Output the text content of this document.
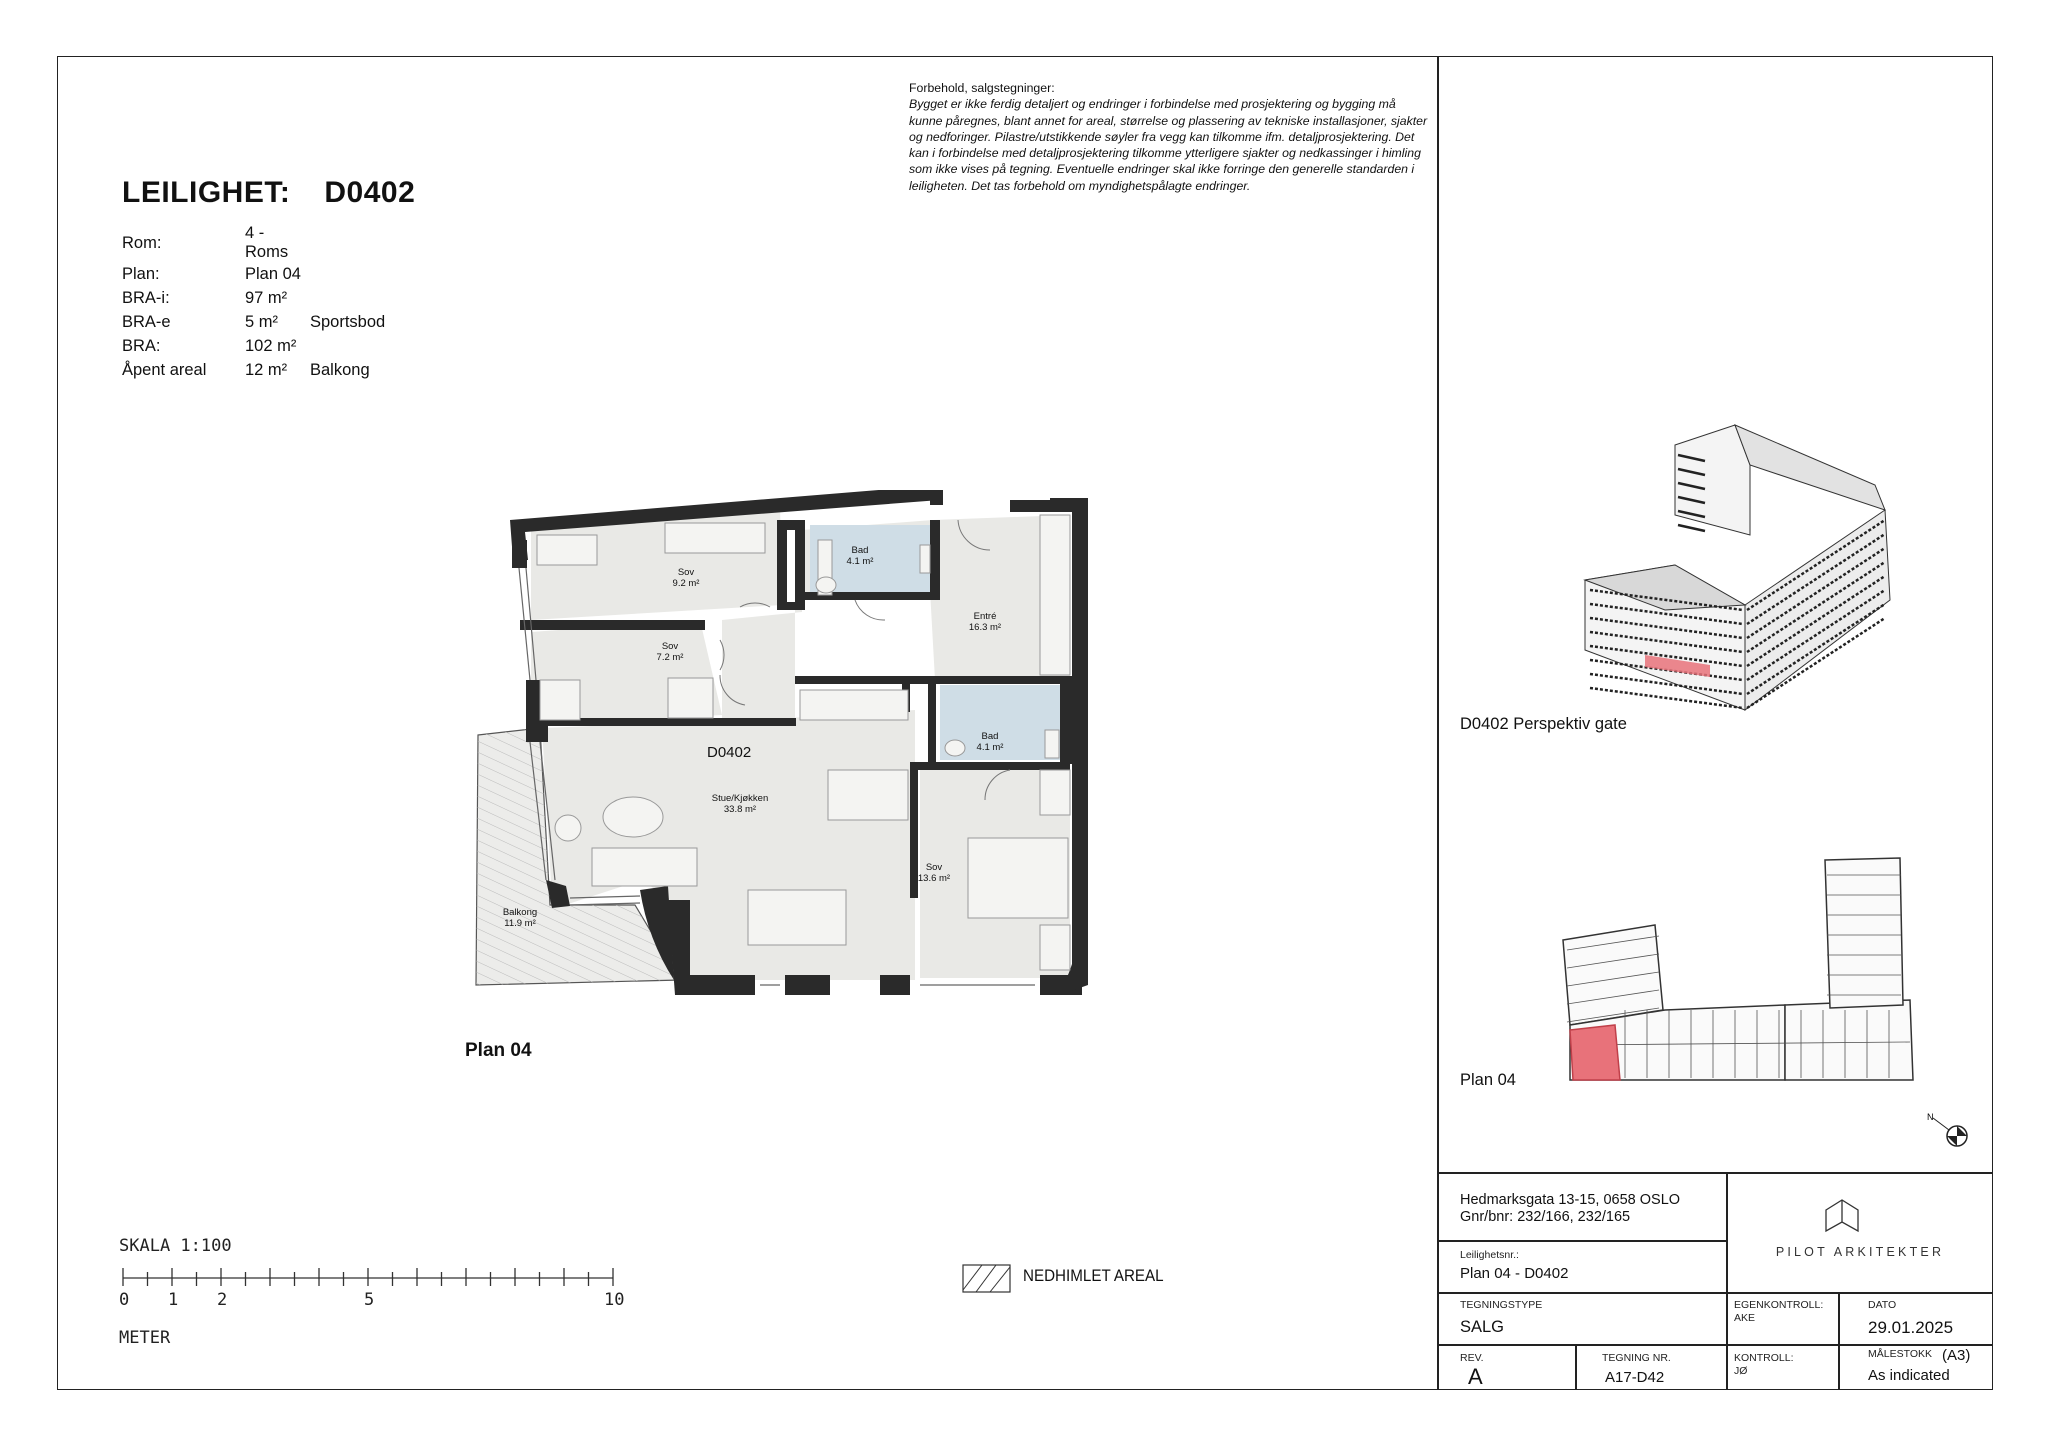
LEILIGHET: D0402
Rom:	4 - Roms	
Plan:	Plan 04	
BRA-i:	97 m²	
BRA-e	5 m²	Sportsbod
BRA:	102 m²	
Åpent areal	12 m²	Balkong
Forbehold, salgstegninger:
Bygget er ikke ferdig detaljert og endringer i forbindelse med prosjektering og bygging må kunne påregnes, blant annet for areal, størrelse og plassering av tekniske installasjoner, sjakter og nedforinger. Pilastre/utstikkende søyler fra vegg kan tilkomme ifm. detaljprosjektering. Det kan i forbindelse med detaljprosjektering tilkomme ytterligere sjakter og nedkassinger i himling som ikke vises på tegning. Eventuelle endringer skal ikke forringe den generelle standarden i leiligheten. Det tas forbehold om myndighetspålagte endringer.
Sov
9.2 m²
Sov
7.2 m²
Bad
4.1 m²
Entré
16.3 m²
Bad
4.1 m²
Stue/Kjøkken
33.8 m²
Sov
13.6 m²
Balkong
11.9 m²
D0402
Plan 04
SKALA 1:100
0 1 2	5	10
METER
NEDHIMLET AREAL
D0402 Perspektiv gate
Plan 04
N
Hedmarksgata 13-15, 0658 OSLO
Gnr/bnr: 232/166, 232/165
Leilighetsnr.:
Plan 04 - D0402
PILOT ARKITEKTER
TEGNINGSTYPE
SALG
EGENKONTROLL:
AKE
DATO
29.01.2025
REV.
A
TEGNING NR.
A17-D42
KONTROLL:
JØ
MÅLESTOKK (A3)
As indicated
